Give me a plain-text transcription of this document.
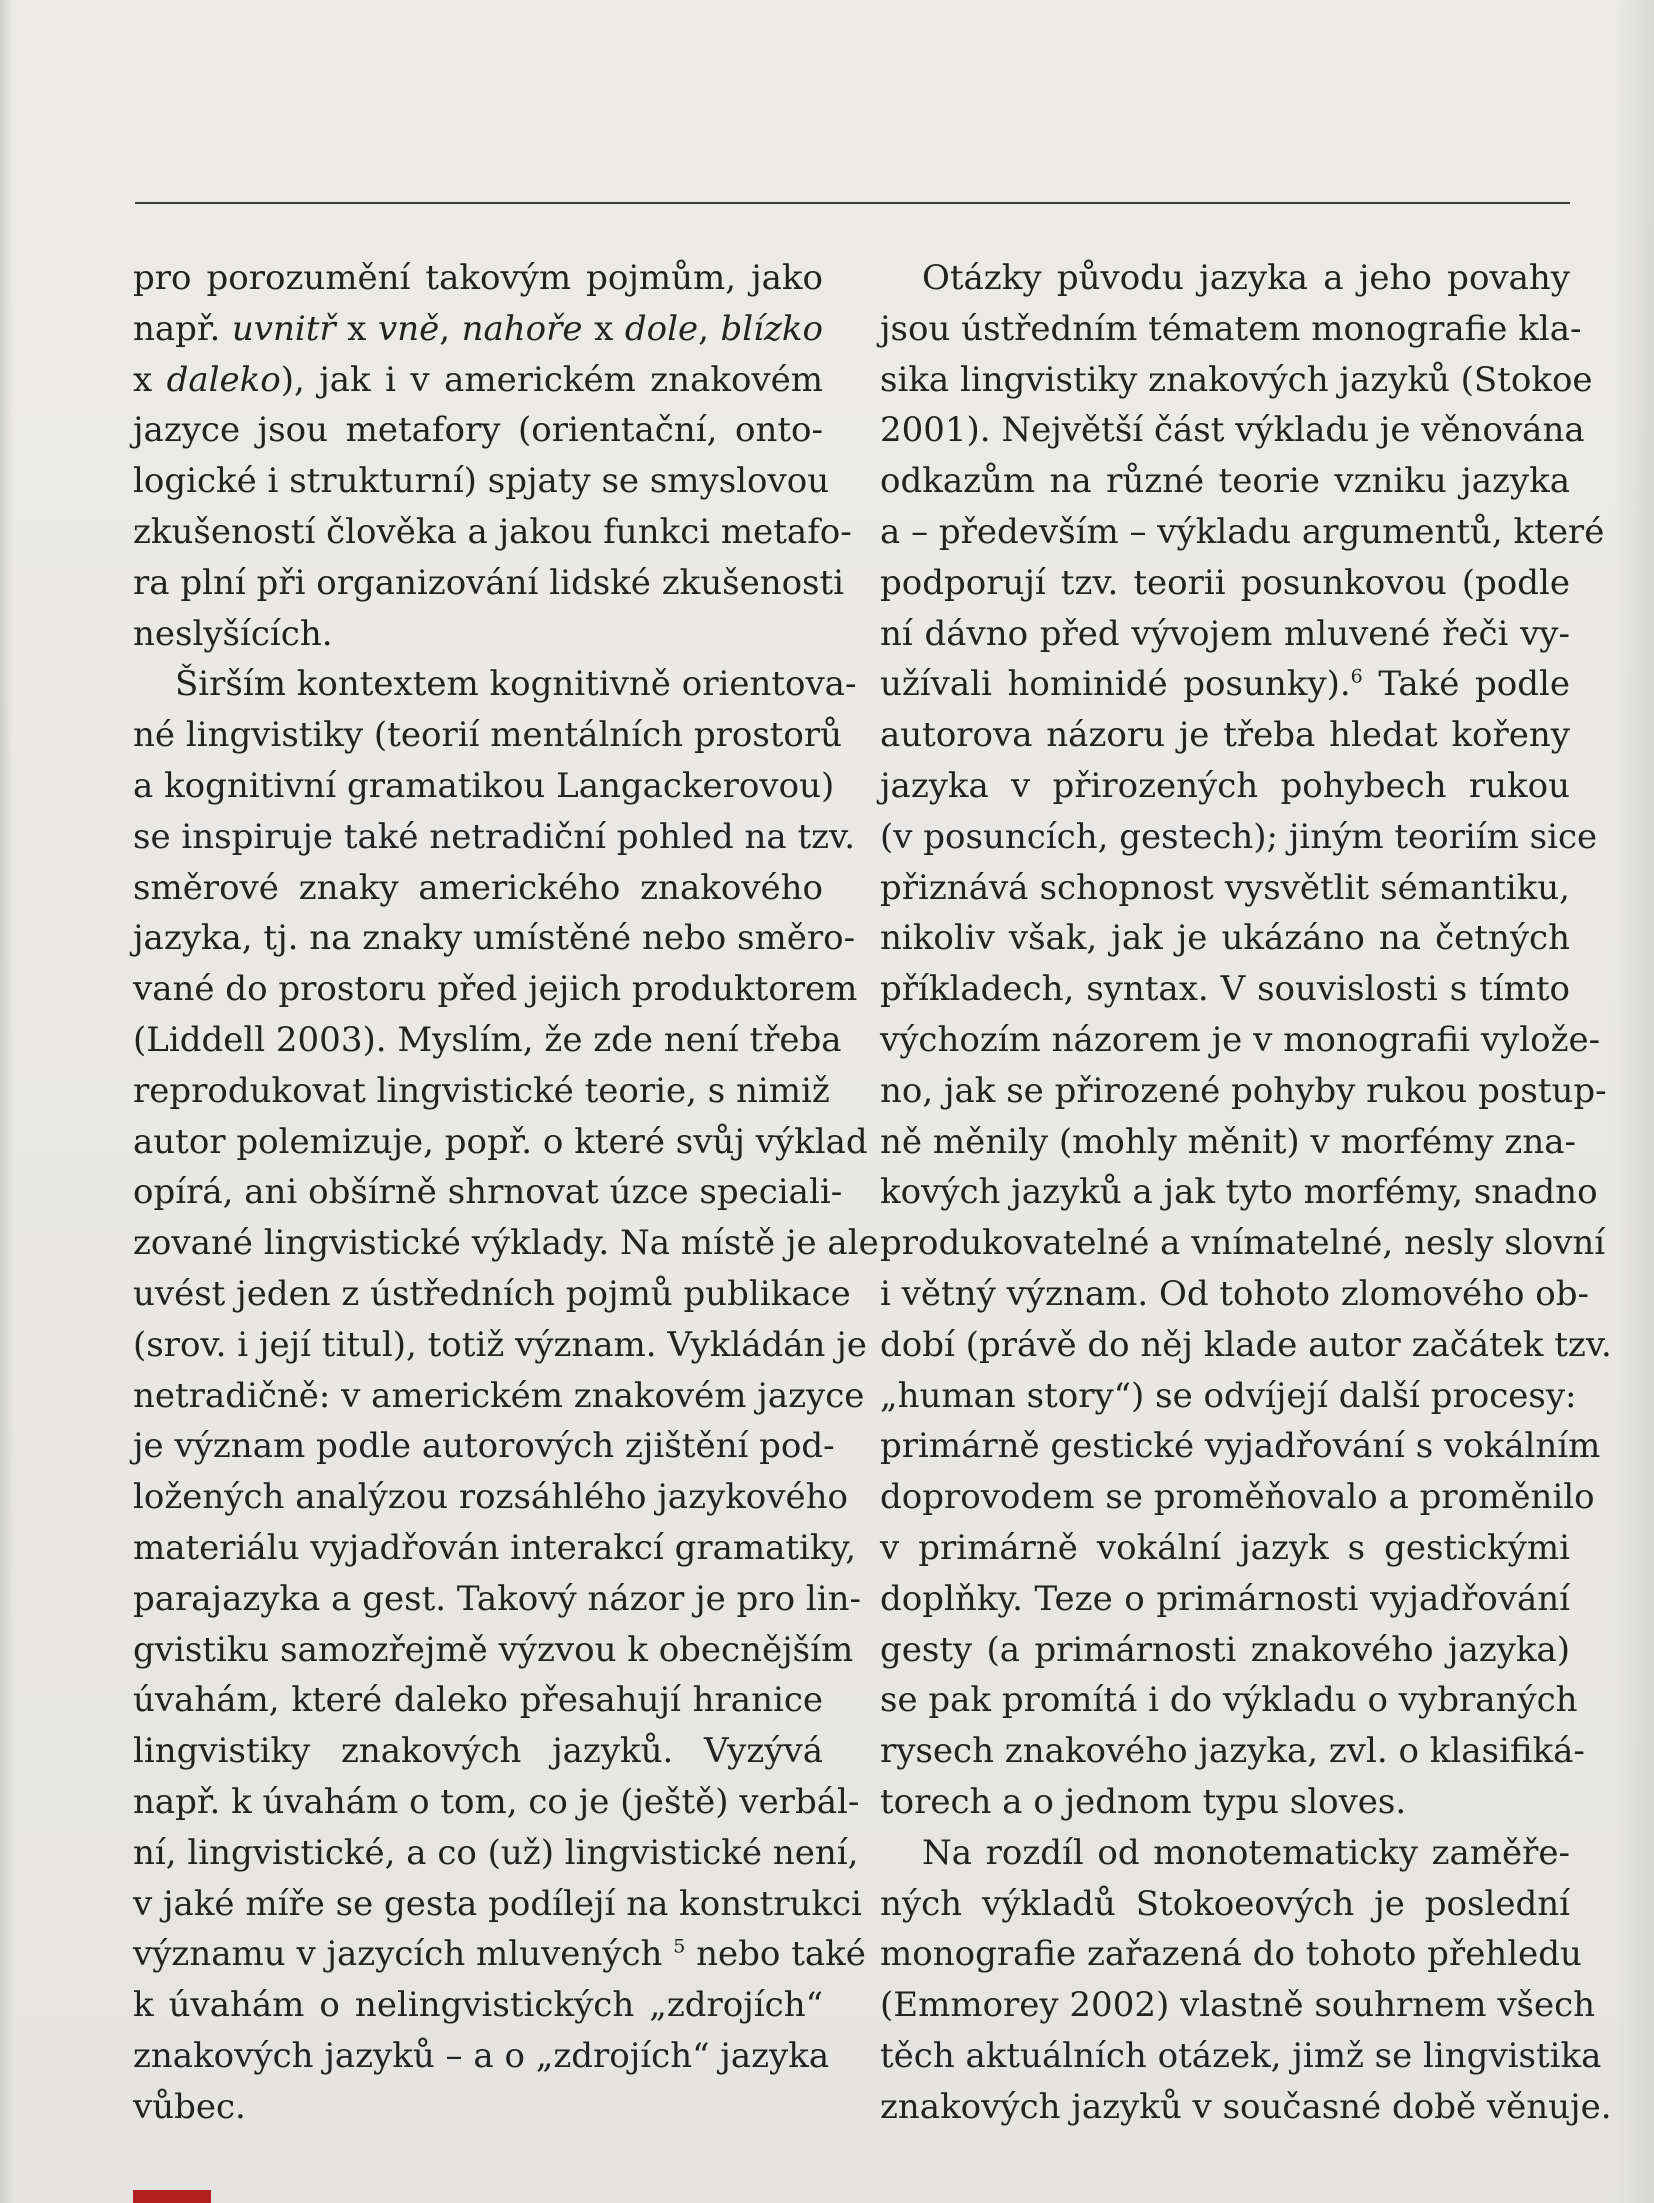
pro porozumění takovým pojmům, jako
např. uvnitř x vně, nahoře x dole, blízko
x daleko), jak i v americkém znakovém
jazyce jsou metafory (orientační, onto-
logické i strukturní) spjaty se smyslovou
zkušeností člověka a jakou funkci metafo-
ra plní při organizování lidské zkušenosti
neslyšících.
Širším kontextem kognitivně orientova-
né lingvistiky (teorií mentálních prostorů
a kognitivní gramatikou Langackerovou)
se inspiruje také netradiční pohled na tzv.
směrové znaky amerického znakového
jazyka, tj. na znaky umístěné nebo směro-
vané do prostoru před jejich produktorem
(Liddell 2003). Myslím, že zde není třeba
reprodukovat lingvistické teorie, s nimiž
autor polemizuje, popř. o které svůj výklad
opírá, ani obšírně shrnovat úzce speciali-
zované lingvistické výklady. Na místě je ale
uvést jeden z ústředních pojmů publikace
(srov. i její titul), totiž význam. Vykládán je
netradičně: v americkém znakovém jazyce
je význam podle autorových zjištění pod-
ložených analýzou rozsáhlého jazykového
materiálu vyjadřován interakcí gramatiky,
parajazyka a gest. Takový názor je pro lin-
gvistiku samozřejmě výzvou k obecnějším
úvahám, které daleko přesahují hranice
lingvistiky znakových jazyků. Vyzývá
např. k úvahám o tom, co je (ještě) verbál-
ní, lingvistické, a co (už) lingvistické není,
v jaké míře se gesta podílejí na konstrukci
významu v jazycích mluvených $^5$ nebo také
k úvahám o nelingvistických „zdrojích“
znakových jazyků – a o „zdrojích“ jazyka
vůbec.
Otázky původu jazyka a jeho povahy
jsou ústředním tématem monografie kla-
sika lingvistiky znakových jazyků (Stokoe
2001). Největší část výkladu je věnována
odkazům na různé teorie vzniku jazyka
a – především – výkladu argumentů, které
podporují tzv. teorii posunkovou (podle
ní dávno před vývojem mluvené řeči vy-
užívali hominidé posunky).$^6$ Také podle
autorova názoru je třeba hledat kořeny
jazyka v přirozených pohybech rukou
(v posuncích, gestech); jiným teoriím sice
přiznává schopnost vysvětlit sémantiku,
nikoliv však, jak je ukázáno na četných
příkladech, syntax. V souvislosti s tímto
výchozím názorem je v monografii vylože-
no, jak se přirozené pohyby rukou postup-
ně měnily (mohly měnit) v morfémy zna-
kových jazyků a jak tyto morfémy, snadno
produkovatelné a vnímatelné, nesly slovní
i větný význam. Od tohoto zlomového ob-
dobí (právě do něj klade autor začátek tzv.
„human story“) se odvíjejí další procesy:
primárně gestické vyjadřování s vokálním
doprovodem se proměňovalo a proměnilo
v primárně vokální jazyk s gestickými
doplňky. Teze o primárnosti vyjadřování
gesty (a primárnosti znakového jazyka)
se pak promítá i do výkladu o vybraných
rysech znakového jazyka, zvl. o klasifiká-
torech a o jednom typu sloves.
Na rozdíl od monotematicky zaměře-
ných výkladů Stokoeových je poslední
monografie zařazená do tohoto přehledu
(Emmorey 2002) vlastně souhrnem všech
těch aktuálních otázek, jimž se lingvistika
znakových jazyků v současné době věnuje.
